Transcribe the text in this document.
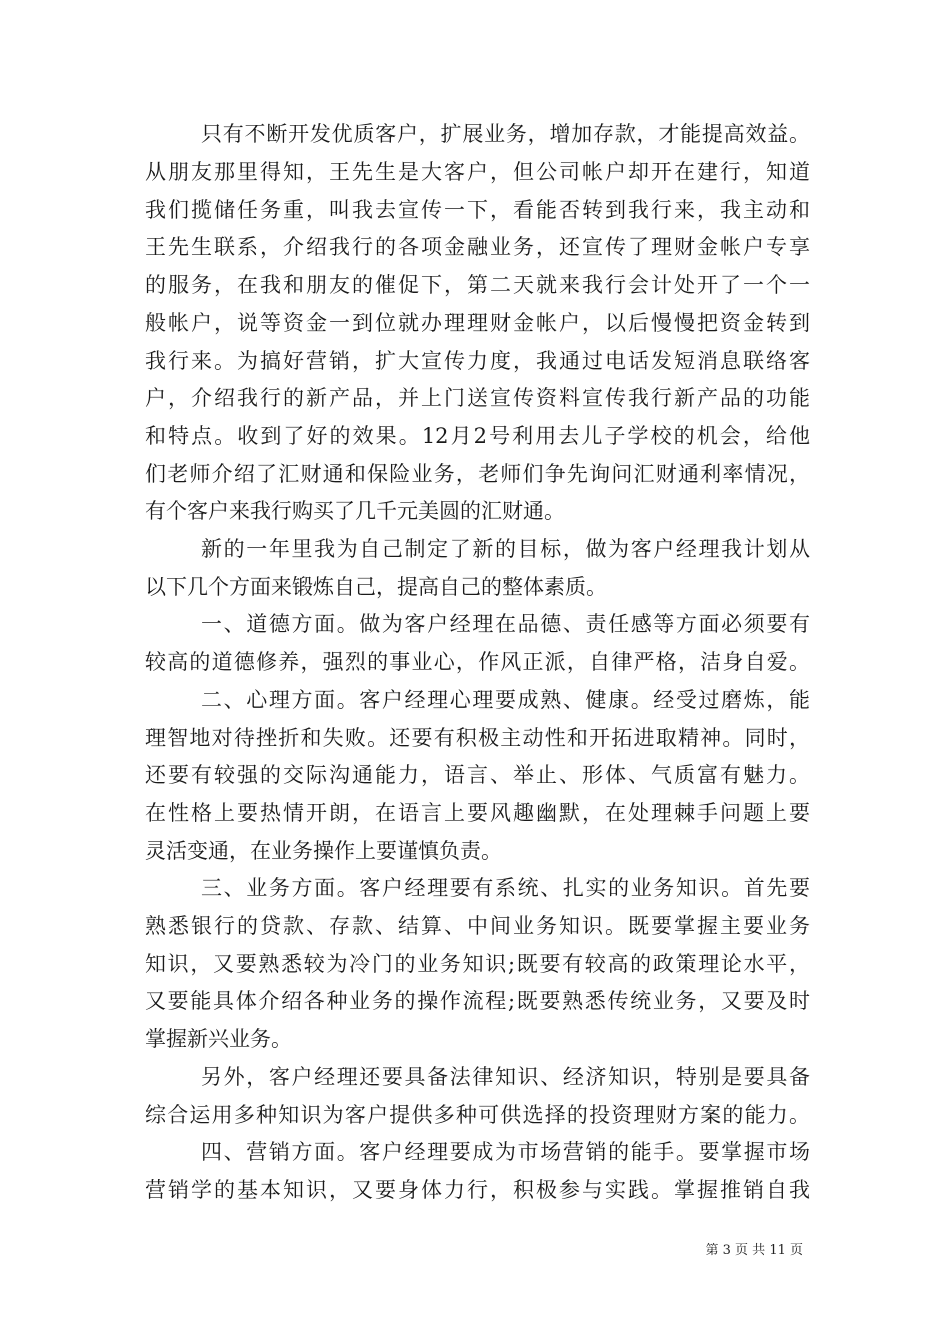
只有不断开发优质客户，扩展业务，增加存款，才能提高效益。
从朋友那里得知，王先生是大客户，但公司帐户却开在建行，知道
我们揽储任务重，叫我去宣传一下，看能否转到我行来，我主动和
王先生联系，介绍我行的各项金融业务，还宣传了理财金帐户专享
的服务，在我和朋友的催促下，第二天就来我行会计处开了一个一
般帐户，说等资金一到位就办理理财金帐户，以后慢慢把资金转到
我行来。为搞好营销，扩大宣传力度，我通过电话发短消息联络客
户，介绍我行的新产品，并上门送宣传资料宣传我行新产品的功能
和特点。收到了好的效果。12月2号利用去儿子学校的机会，给他
们老师介绍了汇财通和保险业务，老师们争先询问汇财通利率情况，
有个客户来我行购买了几千元美圆的汇财通。
新的一年里我为自己制定了新的目标，做为客户经理我计划从
以下几个方面来锻炼自己，提高自己的整体素质。
一、道德方面。做为客户经理在品德、责任感等方面必须要有
较高的道德修养，强烈的事业心，作风正派，自律严格，洁身自爱。
二、心理方面。客户经理心理要成熟、健康。经受过磨炼，能
理智地对待挫折和失败。还要有积极主动性和开拓进取精神。同时，
还要有较强的交际沟通能力，语言、举止、形体、气质富有魅力。
在性格上要热情开朗，在语言上要风趣幽默，在处理棘手问题上要
灵活变通，在业务操作上要谨慎负责。
三、业务方面。客户经理要有系统、扎实的业务知识。首先要
熟悉银行的贷款、存款、结算、中间业务知识。既要掌握主要业务
知识，又要熟悉较为冷门的业务知识;既要有较高的政策理论水平，
又要能具体介绍各种业务的操作流程;既要熟悉传统业务，又要及时
掌握新兴业务。
另外，客户经理还要具备法律知识、经济知识，特别是要具备
综合运用多种知识为客户提供多种可供选择的投资理财方案的能力。
四、营销方面。客户经理要成为市场营销的能手。要掌握市场
营销学的基本知识，又要身体力行，积极参与实践。掌握推销自我
第 3 页 共 11 页
